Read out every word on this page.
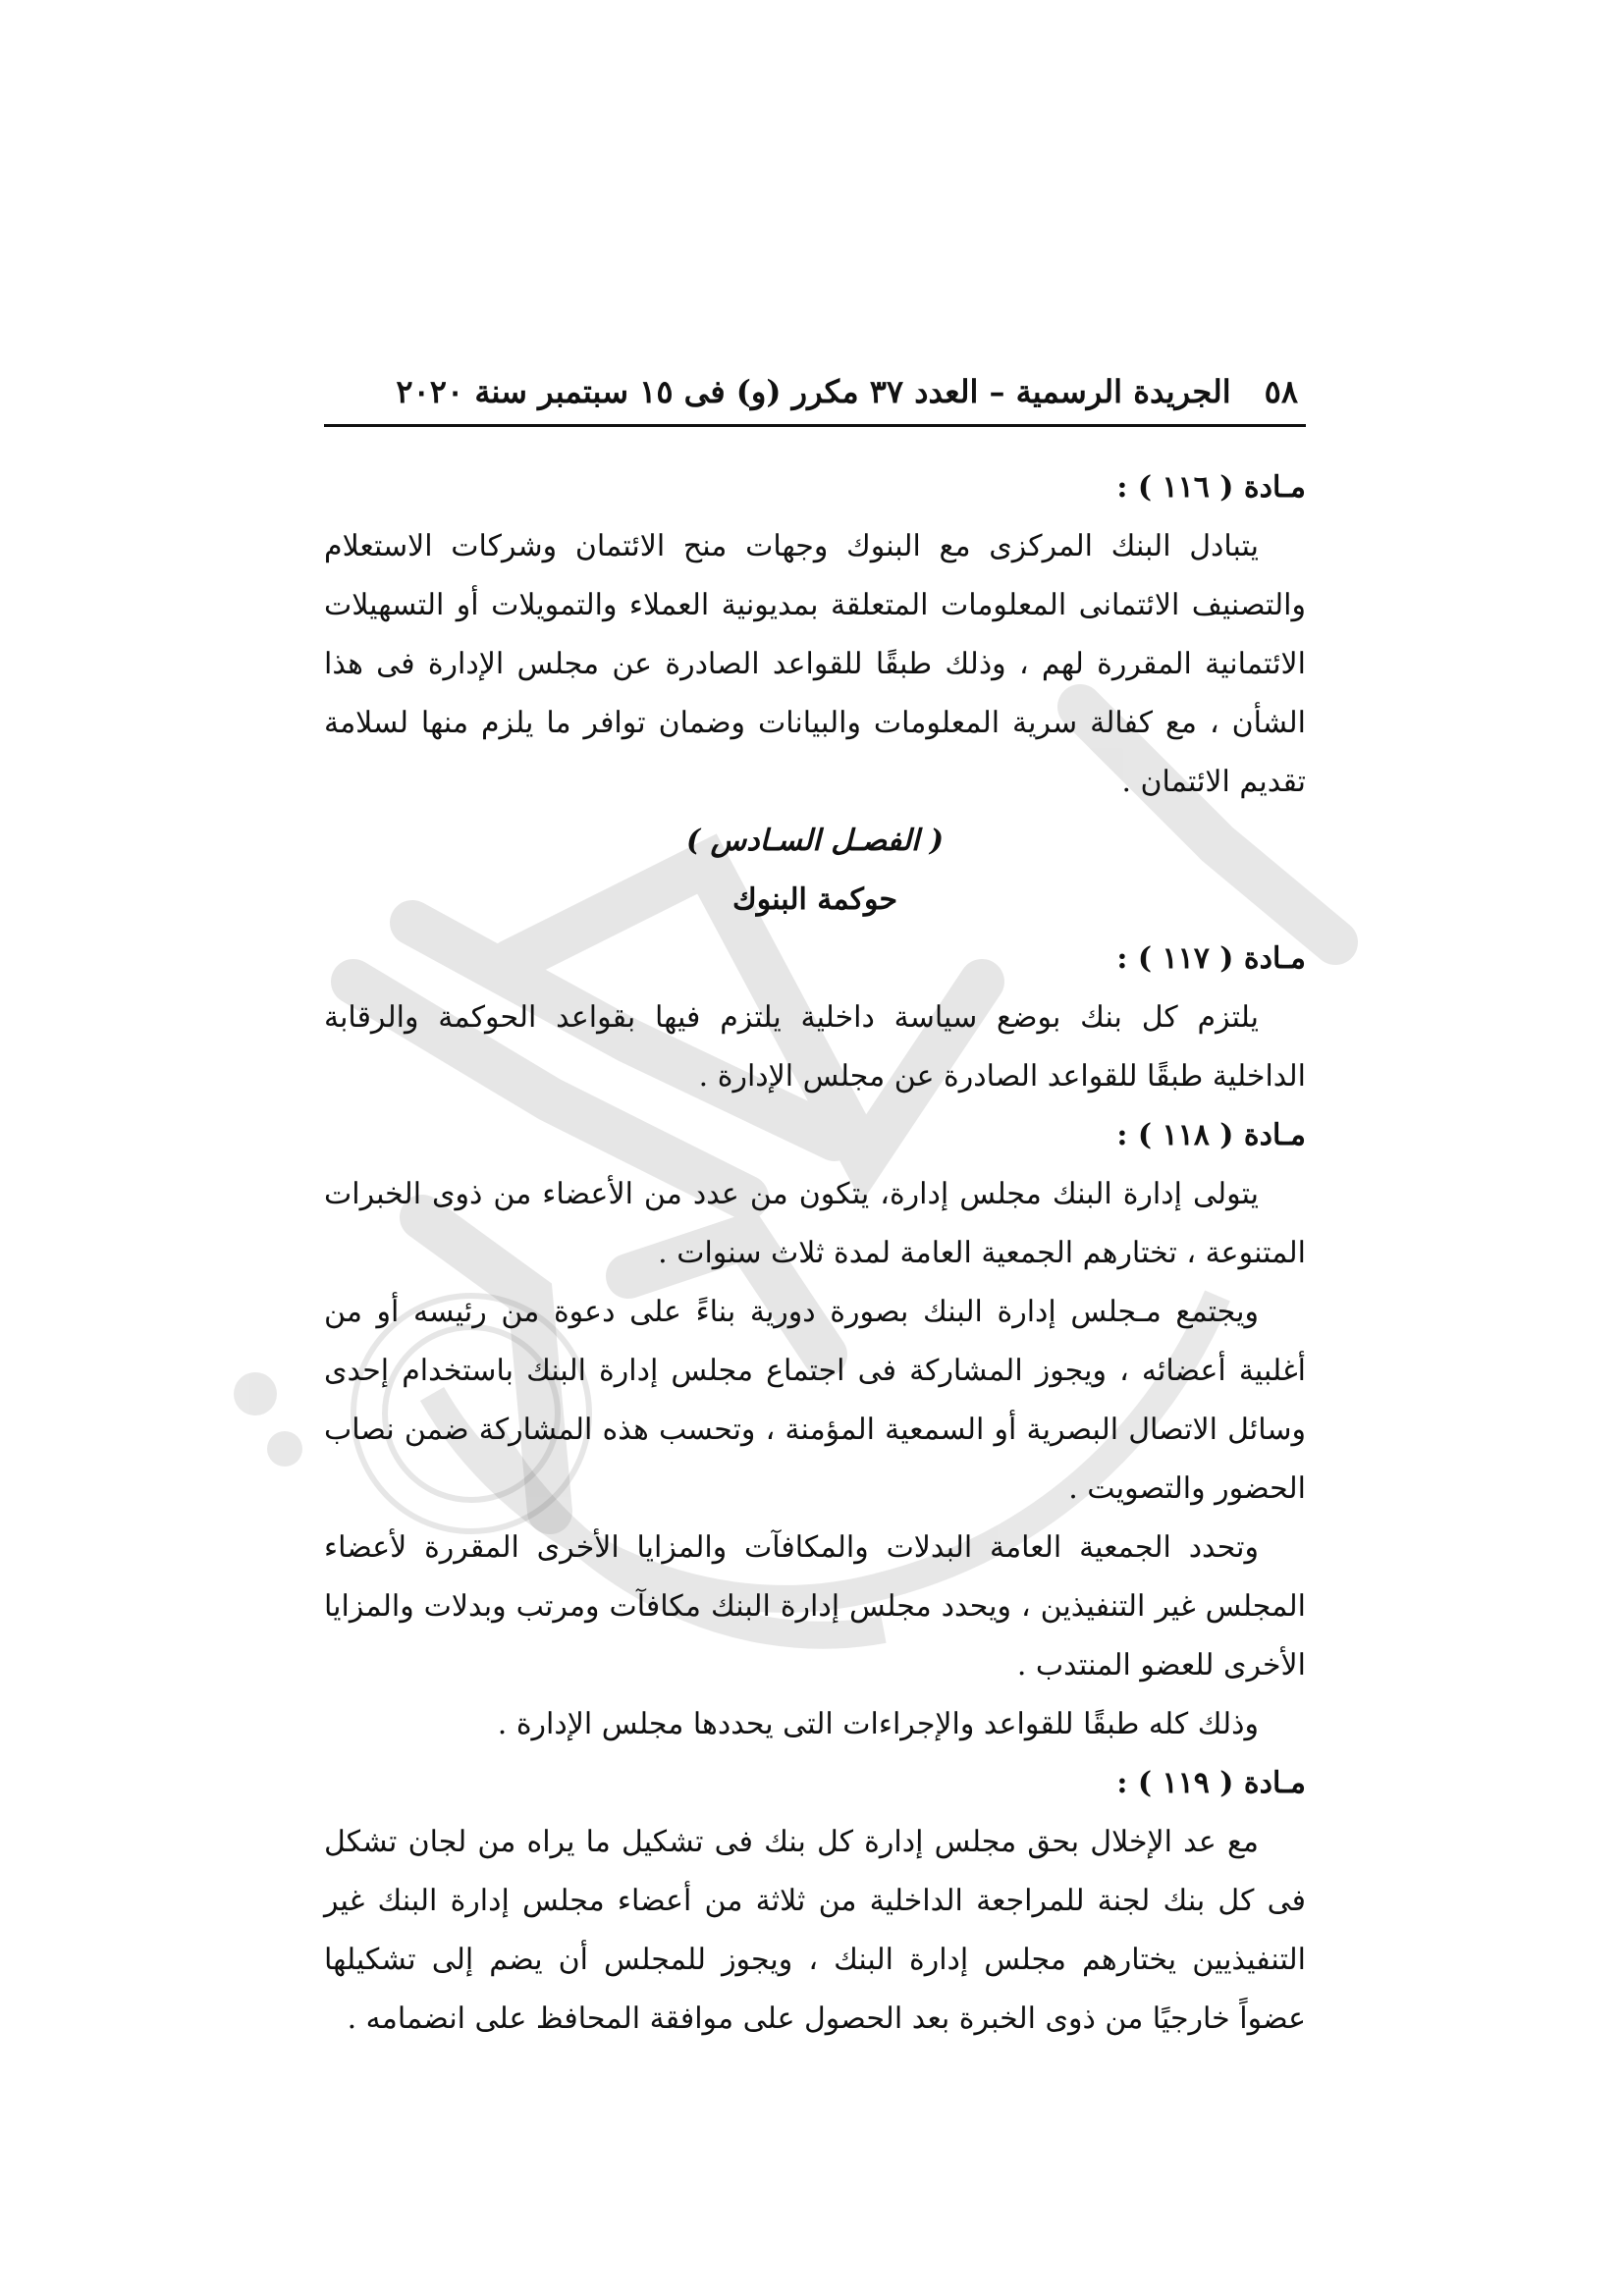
٥٨
الجريدة الرسمية – العدد ٣٧ مكرر (و) فى ١٥ سبتمبر سنة ٢٠٢٠

مـادة ( ١١٦ ) :

يتبادل البنك المركزى مع البنوك وجهات منح الائتمان وشركات الاستعلام والتصنيف الائتمانى المعلومات المتعلقة بمديونية العملاء والتمويلات أو التسهيلات الائتمانية المقررة لهم ، وذلك طبقًا للقواعد الصادرة عن مجلس الإدارة فى هذا الشأن ، مع كفالة سرية المعلومات والبيانات وضمان توافر ما يلزم منها لسلامة تقديم الائتمان .

( الفصـل السـادس )

حوكمة البنوك

مـادة ( ١١٧ ) :

يلتزم كل بنك بوضع سياسة داخلية يلتزم فيها بقواعد الحوكمة والرقابة الداخلية طبقًا للقواعد الصادرة عن مجلس الإدارة .

مـادة ( ١١٨ ) :

يتولى إدارة البنك مجلس إدارة، يتكون من عدد من الأعضاء من ذوى الخبرات المتنوعة ، تختارهم الجمعية العامة لمدة ثلاث سنوات .

ويجتمع مـجلس إدارة البنك بصورة دورية بناءً على دعوة من رئيسه أو من أغلبية أعضائه ، ويجوز المشاركة فى اجتماع مجلس إدارة البنك باستخدام إحدى وسائل الاتصال البصرية أو السمعية المؤمنة ، وتحسب هذه المشاركة ضمن نصاب الحضور والتصويت .

وتحدد الجمعية العامة البدلات والمكافآت والمزايا الأخرى المقررة لأعضاء المجلس غير التنفيذين ، ويحدد مجلس إدارة البنك مكافآت ومرتب وبدلات والمزايا الأخرى للعضو المنتدب .

وذلك كله طبقًا للقواعد والإجراءات التى يحددها مجلس الإدارة .

مـادة ( ١١٩ ) :

مع عد الإخلال بحق مجلس إدارة كل بنك فى تشكيل ما يراه من لجان تشكل فى كل بنك لجنة للمراجعة الداخلية من ثلاثة من أعضاء مجلس إدارة البنك غير التنفيذيين يختارهم مجلس إدارة البنك ، ويجوز للمجلس أن يضم إلى تشكيلها عضواً خارجيًا من ذوى الخبرة بعد الحصول على موافقة المحافظ على انضمامه .
